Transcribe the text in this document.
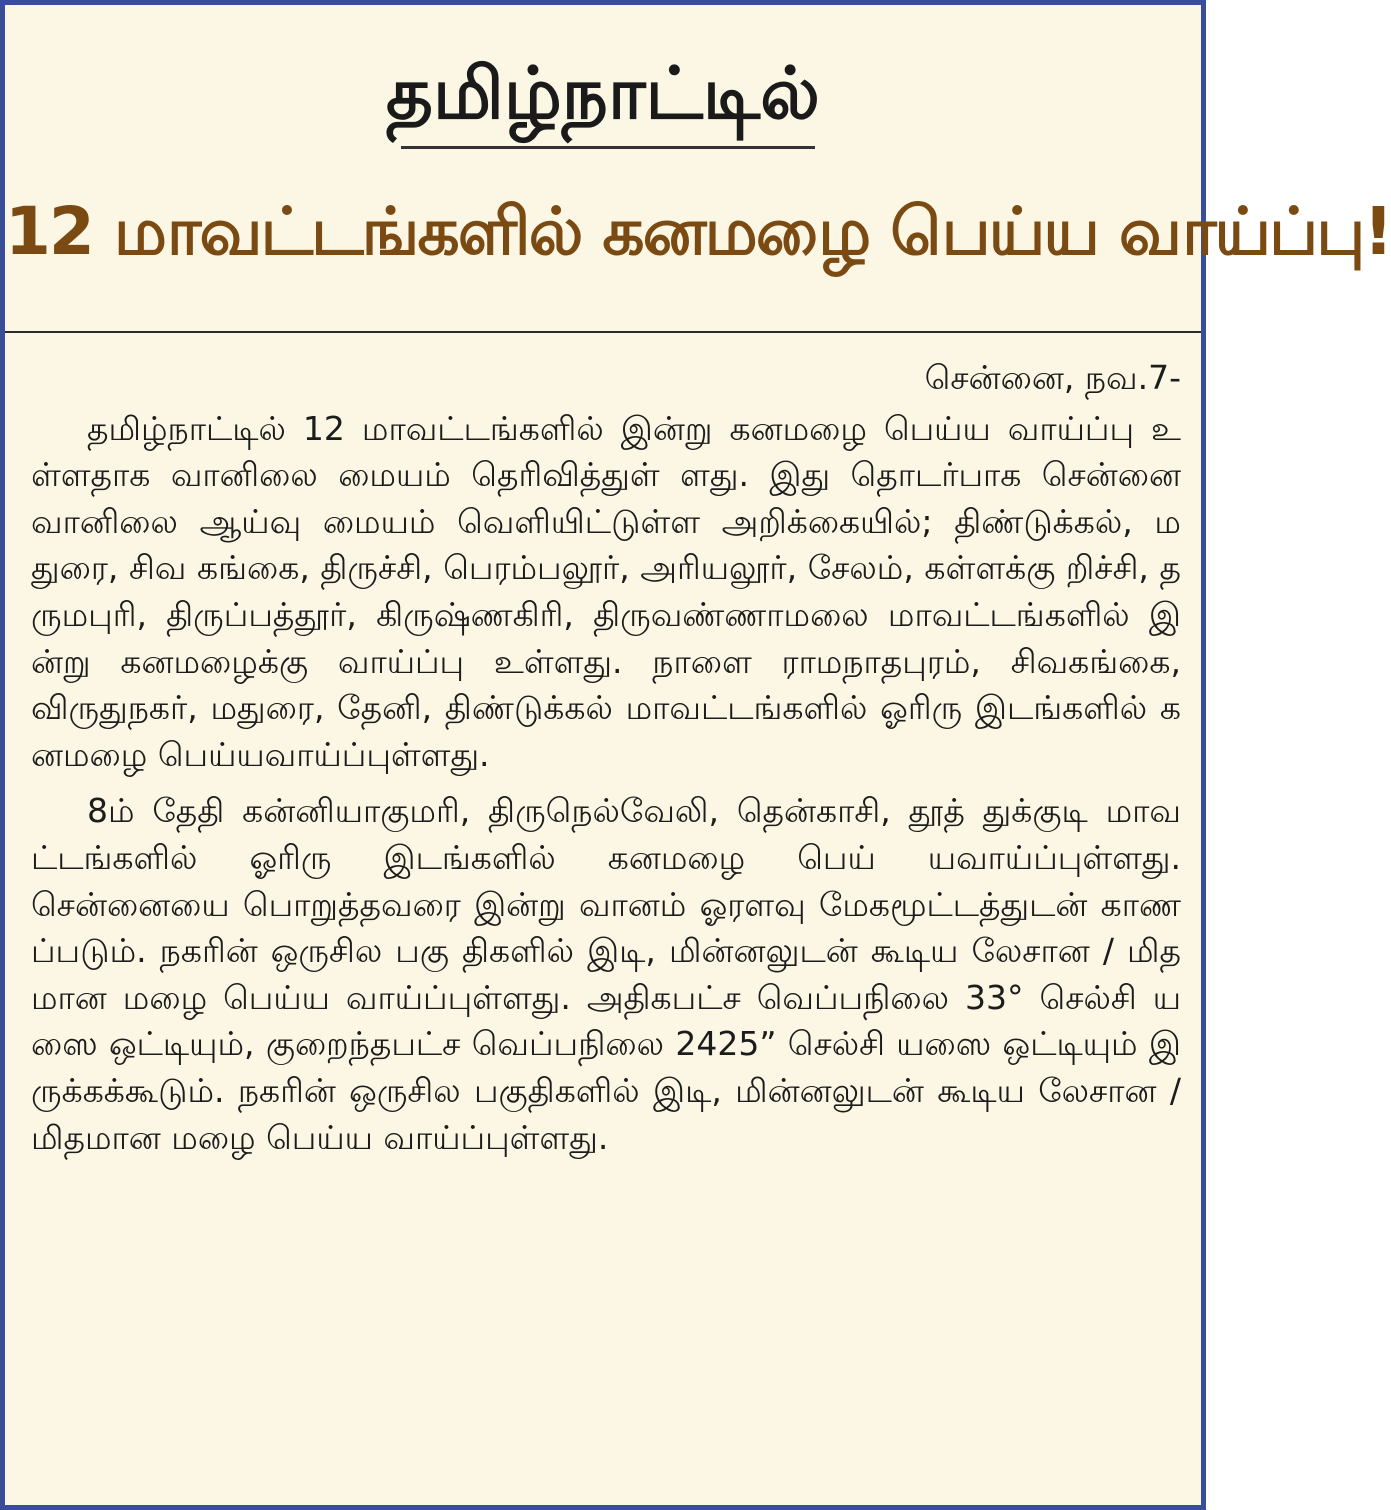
தமிழ்நாட்டில்
12 மாவட்டங்களில் கனமழை பெய்ய வாய்ப்பு!

சென்னை, நவ.7-

தமிழ்நாட்டில் 12 மாவட்டங்களில் இன்று கனமழை பெய்ய வாய்ப்பு உள்ளதாக வானிலை மையம் தெரிவித்துள் ளது. இது தொடர்பாக சென்னை வானிலை ஆய்வு மையம் வெளியிட்டுள்ள அறிக்கையில்; திண்டுக்கல், மதுரை, சிவ கங்கை, திருச்சி, பெரம்பலூர், அரியலூர், சேலம், கள்ளக்கு றிச்சி, தருமபுரி, திருப்பத்தூர், கிருஷ்ணகிரி, திருவண்ணாமலை மாவட்டங்களில் இன்று கனமழைக்கு வாய்ப்பு உள்ளது. நாளை ராமநாதபுரம், சிவகங்கை, விருதுநகர், மதுரை, தேனி, திண்டுக்கல் மாவட்டங்களில் ஓரிரு இடங்களில் கனமழை பெய்யவாய்ப்புள்ளது.

8ம் தேதி கன்னியாகுமரி, திருநெல்வேலி, தென்காசி, தூத் துக்குடி மாவட்டங்களில் ஓரிரு இடங்களில் கனமழை பெய் யவாய்ப்புள்ளது. சென்னையை பொறுத்தவரை இன்று வானம் ஓரளவு மேகமூட்டத்துடன் காணப்படும். நகரின் ஒருசில பகு திகளில் இடி, மின்னலுடன் கூடிய லேசான / மிதமான மழை பெய்ய வாய்ப்புள்ளது. அதிகபட்ச வெப்பநிலை 33° செல்சி யஸை ஒட்டியும், குறைந்தபட்ச வெப்பநிலை 2425” செல்சி யஸை ஒட்டியும் இருக்கக்கூடும். நகரின் ஒருசில பகுதிகளில் இடி, மின்னலுடன் கூடிய லேசான / மிதமான மழை பெய்ய வாய்ப்புள்ளது.
